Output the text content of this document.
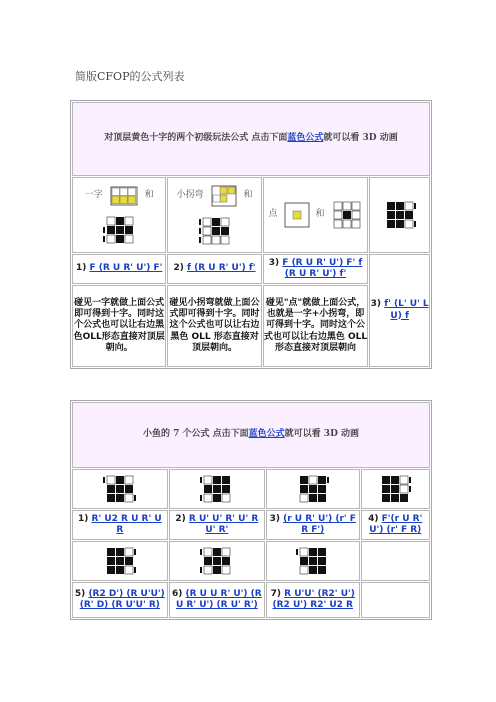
简版CFOP的公式列表
对顶层黄色十字的两个初级玩法公式 点击下面蓝色公式就可以看 3D 动画			

一字 和	小拐弯 和	点 和

1) F (R U R' U') F'	2) f (R U R' U') f'	3) F (R U R' U') F' f (R U R' U') f'	3) f' (L' U' L U) f
碰见一字就做上面公式即可得到十字。同时这个公式也可以让右边黑色OLL形态直接对顶层朝向。	碰见小拐弯就做上面公式即可得到十字。同时这个公式也可以让右边黑色 OLL 形态直接对顶层朝向。	碰见"点"就做上面公式，也就是一字+小拐弯，即可得到十字。同时这个公式也可以让右边黑色 OLL 形态直接对顶层朝向	
小鱼的 7 个公式 点击下面蓝色公式就可以看 3D 动画			

1) R' U2 R U R' U R	2) R U' U' R' U' R U' R'	3) (r U R' U') (r' F R F')	4) F'(r U R' U') (r' F R)

5) (R2 D') (R U'U') (R' D) (R U'U' R)	6) (R U U R' U') (R U R' U') (R U' R')	7) R U'U' (R2' U') (R2 U') R2' U2 R	
